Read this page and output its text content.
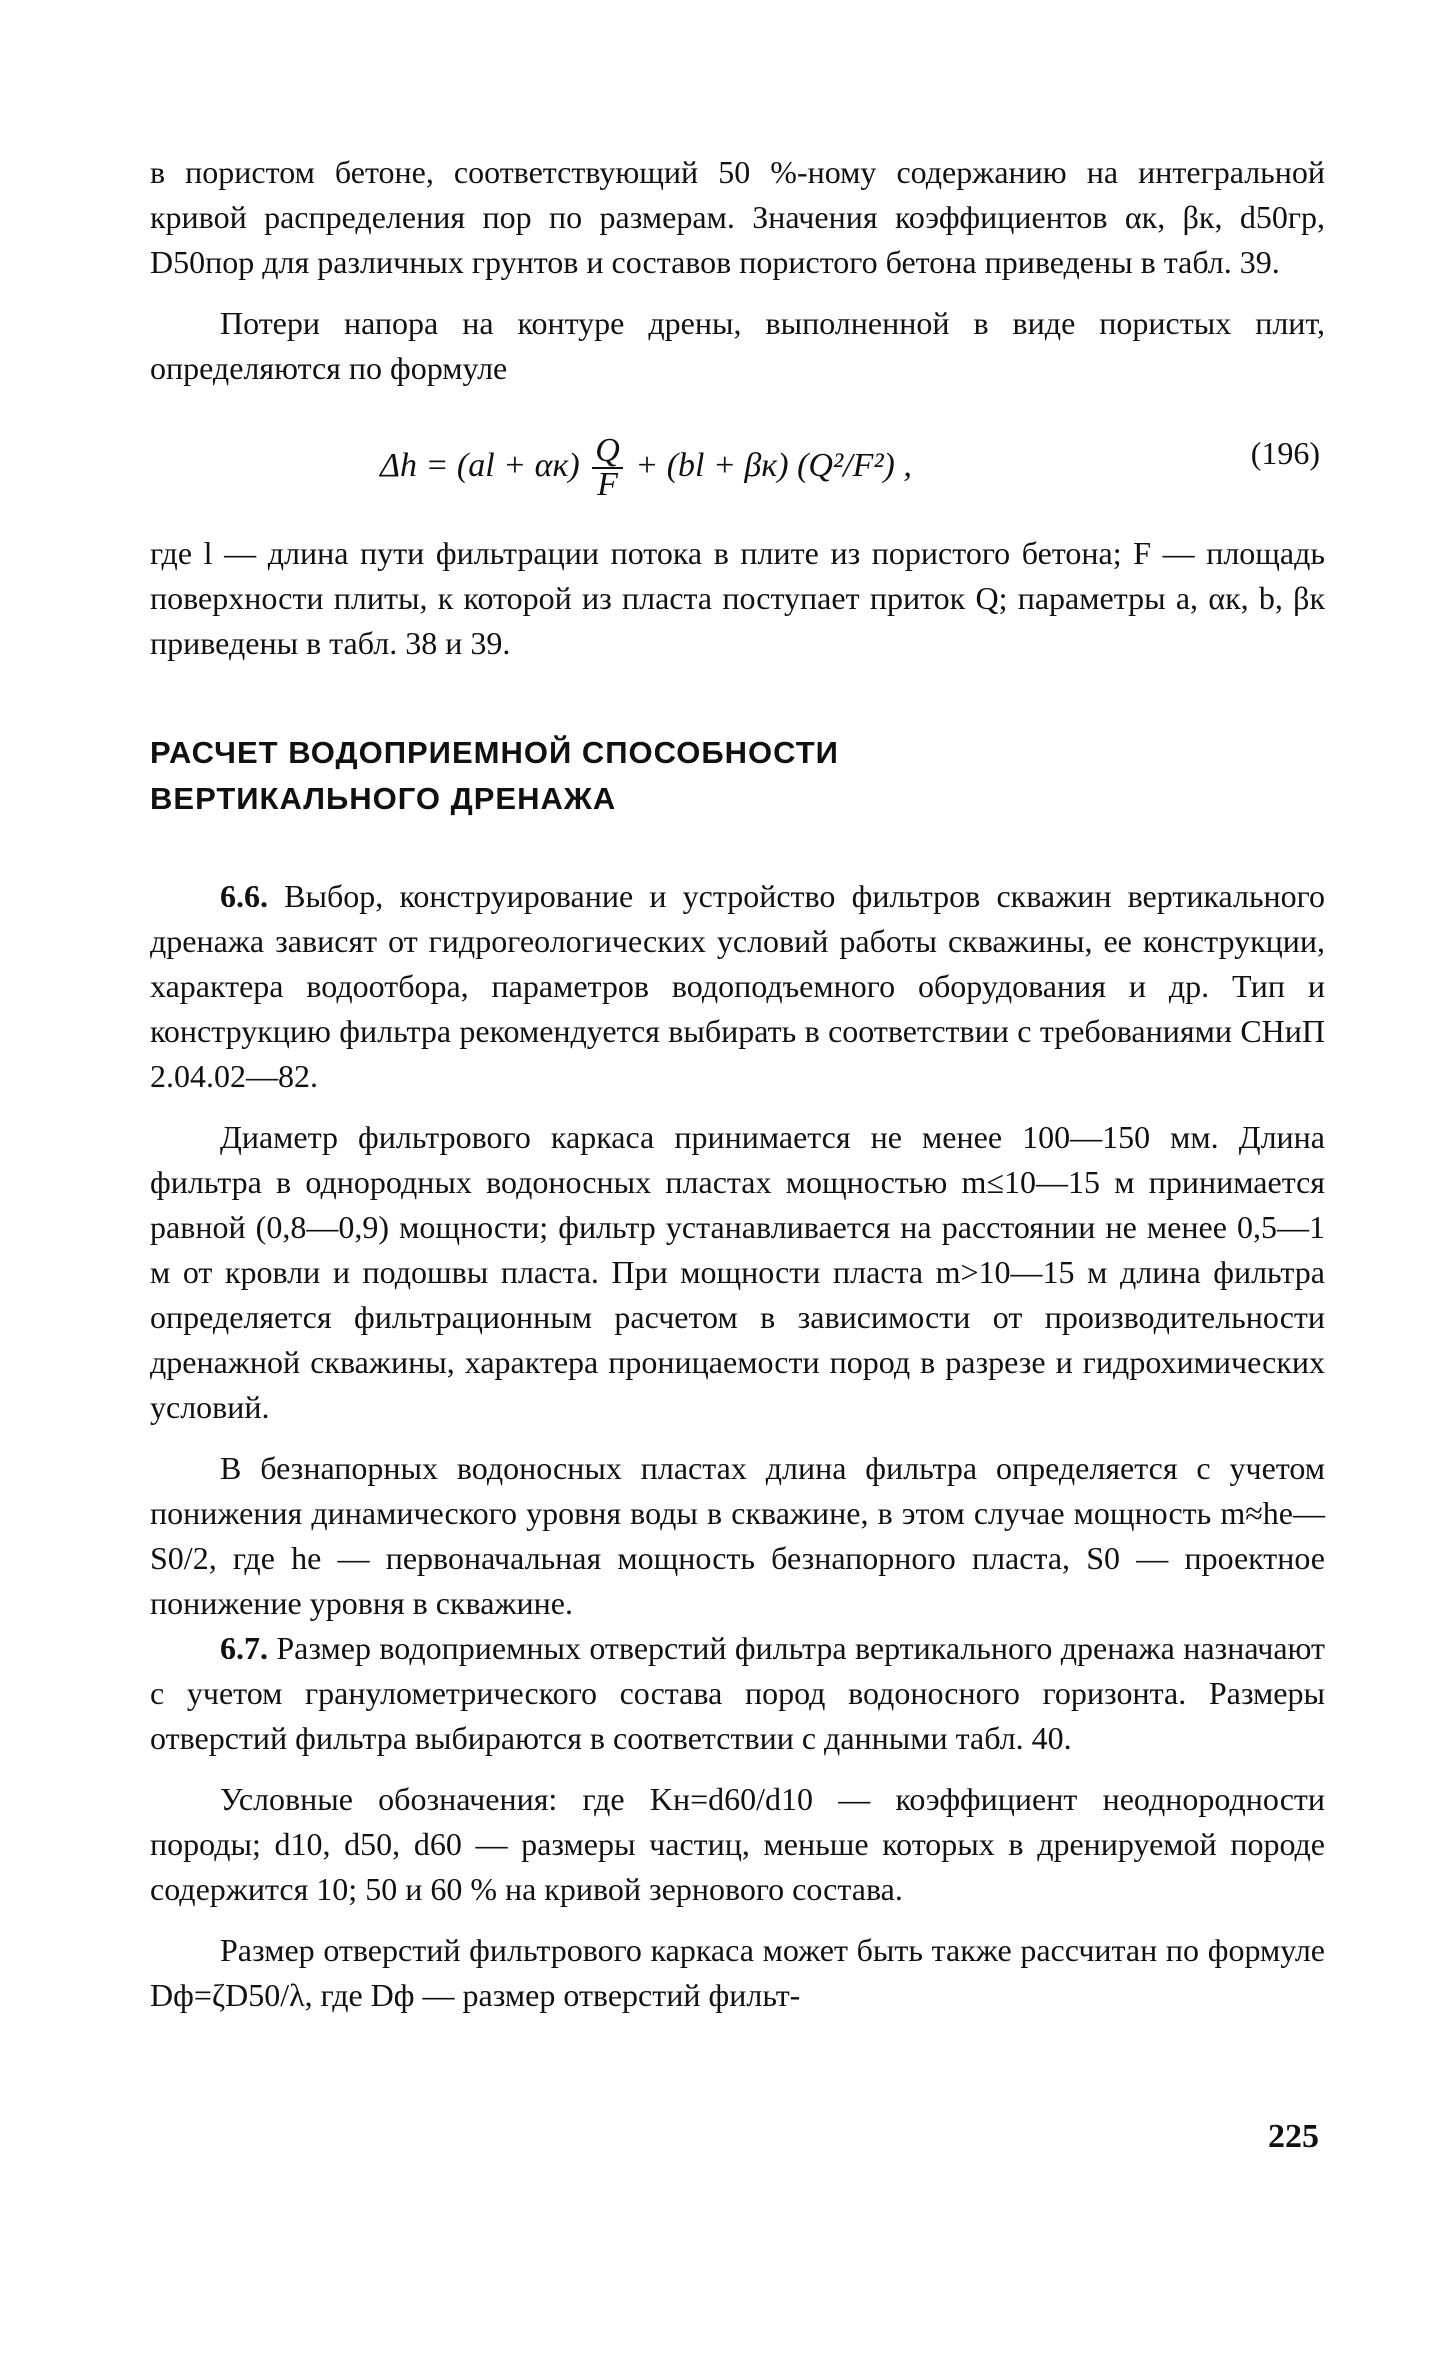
в пористом бетоне, соответствующий 50 %-ному содержанию на интегральной кривой распределения пор по размерам. Значения коэффициентов αк, βк, d50гр, D50пор для различных грунтов и составов пористого бетона приведены в табл. 39.

Потери напора на контуре дрены, выполненной в виде пористых плит, определяются по формуле

$\Delta h = (al + \alpha к) \frac{Q}{F} + (bl + \beta к)$ (Q²/F²) ,	(196)

где l — длина пути фильтрации потока в плите из пористого бетона; F — площадь поверхности плиты, к которой из пласта поступает приток Q; параметры a, αк, b, βк приведены в табл. 38 и 39.

РАСЧЕТ ВОДОПРИЕМНОЙ СПОСОБНОСТИ
ВЕРТИКАЛЬНОГО ДРЕНАЖА

6.6. Выбор, конструирование и устройство фильтров скважин вертикального дренажа зависят от гидрогеологических условий работы скважины, ее конструкции, характера водоотбора, параметров водоподъемного оборудования и др. Тип и конструкцию фильтра рекомендуется выбирать в соответствии с требованиями СНиП 2.04.02—82.

Диаметр фильтрового каркаса принимается не менее 100—150 мм. Длина фильтра в однородных водоносных пластах мощностью m≤10—15 м принимается равной (0,8—0,9) мощности; фильтр устанавливается на расстоянии не менее 0,5—1 м от кровли и подошвы пласта. При мощности пласта m>10—15 м длина фильтра определяется фильтрационным расчетом в зависимости от производительности дренажной скважины, характера проницаемости пород в разрезе и гидрохимических условий.

В безнапорных водоносных пластах длина фильтра определяется с учетом понижения динамического уровня воды в скважине, в этом случае мощность m≈he—S0/2, где he — первоначальная мощность безнапорного пласта, S0 — проектное понижение уровня в скважине.

6.7. Размер водоприемных отверстий фильтра вертикального дренажа назначают с учетом гранулометрического состава пород водоносного горизонта. Размеры отверстий фильтра выбираются в соответствии с данными табл. 40.

Условные обозначения: где Kн=d60/d10 — коэффициент неоднородности породы; d10, d50, d60 — размеры частиц, меньше которых в дренируемой породе содержится 10; 50 и 60 % на кривой зернового состава.

Размер отверстий фильтрового каркаса может быть также рассчитан по формуле Dф=ζD50/λ, где Dф — размер отверстий фильт-

225
